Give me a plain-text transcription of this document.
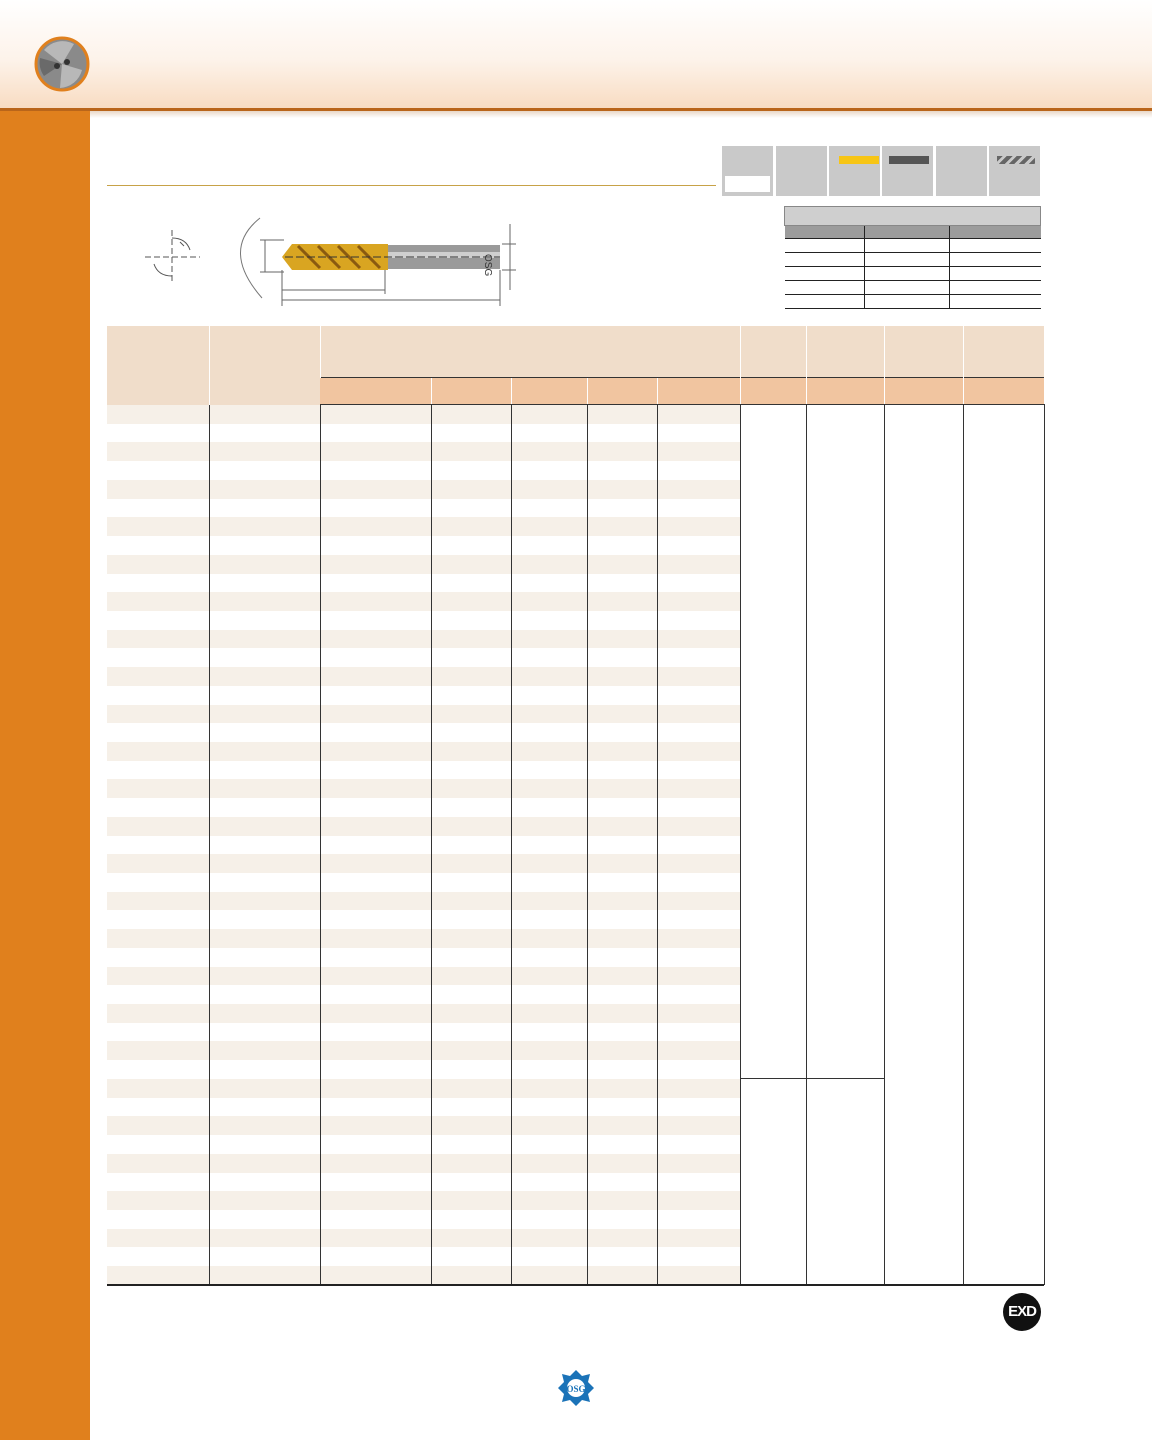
OSG

EXD
OSG
